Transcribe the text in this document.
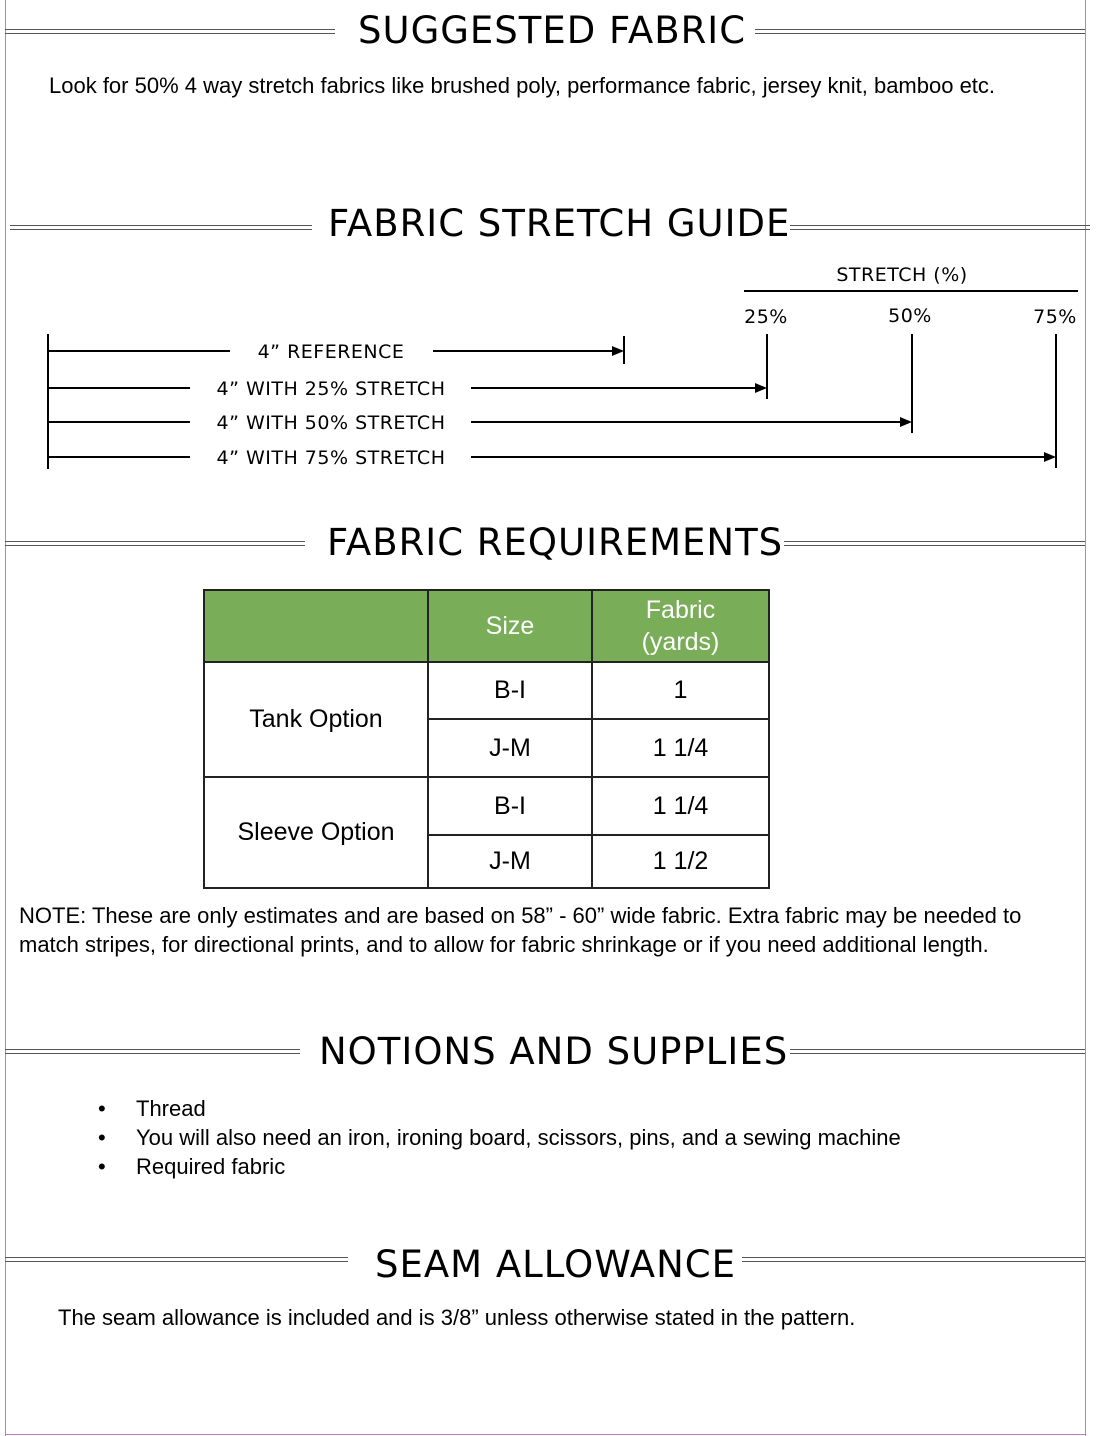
SUGGESTED FABRIC

Look for 50% 4 way stretch fabrics like brushed poly, performance fabric, jersey knit, bamboo etc.

FABRIC STRETCH GUIDE
STRETCH (%)
25%	50%	75%
4” REFERENCE
4” WITH 25% STRETCH
4” WITH 50% STRETCH
4” WITH 75% STRETCH
FABRIC REQUIREMENTS
	Size	Fabric (yards)

Tank Option	B-I	1
	J-M	1 1/4
Sleeve Option	B-I	1 1/4
	J-M	1 1/2

NOTE: These are only estimates and are based on 58” - 60” wide fabric. Extra fabric may be needed to match stripes, for directional prints, and to allow for fabric shrinkage or if you need additional length.

NOTIONS AND SUPPLIES
• Thread
• You will also need an iron, ironing board, scissors, pins, and a sewing machine
• Required fabric
SEAM ALLOWANCE

The seam allowance is included and is 3/8” unless otherwise stated in the pattern.
